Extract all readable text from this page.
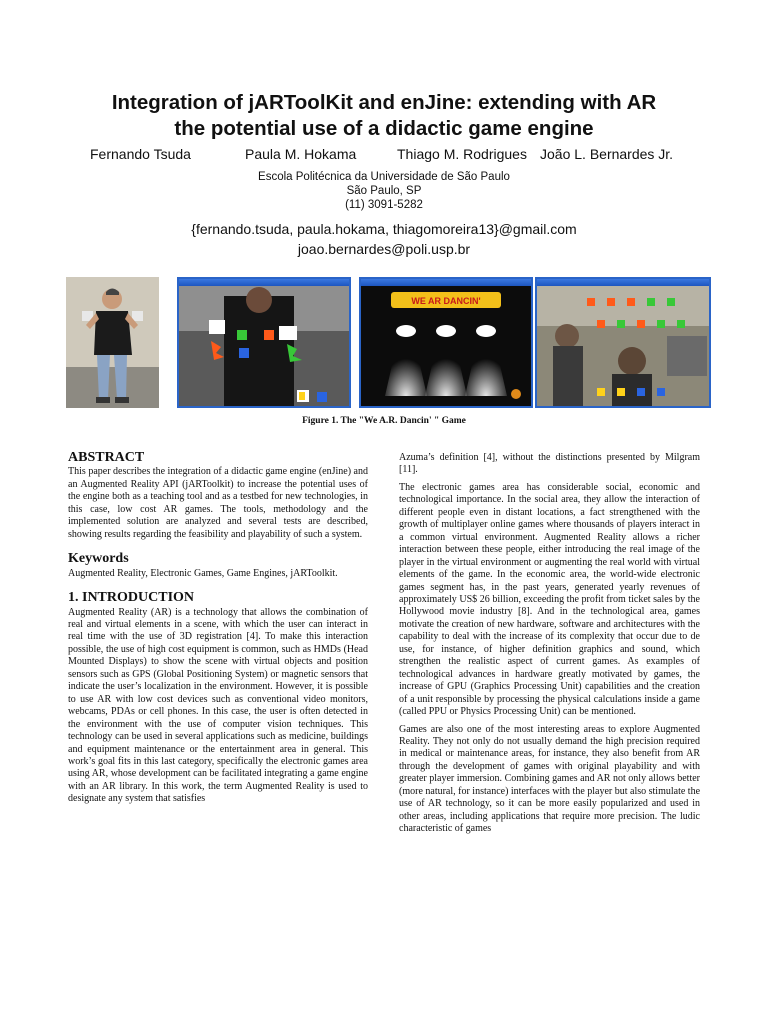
Integration of jARToolKit and enJine: extending with AR
the potential use of a didactic game engine
Fernando Tsuda	Paula M. Hokama	Thiago M. Rodrigues João L. Bernardes Jr.
Escola Politécnica da Universidade de São Paulo
São Paulo, SP
(11) 3091-5282
{fernando.tsuda, paula.hokama, thiagomoreira13}@gmail.com
joao.bernardes@poli.usp.br
WE AR DANCIN'
Figure 1. The "We A.R. Dancin' " Game
ABSTRACT

This paper describes the integration of a didactic game engine (enJine) and an Augmented Reality API (jARToolkit) to increase the potential uses of the engine both as a teaching tool and as a testbed for new technologies, in this case, low cost AR games. The tools, methodology and the implemented solution are analyzed and several tests are described, showing results regarding the feasibility and playability of such a system.

Keywords

Augmented Reality, Electronic Games, Game Engines, jARToolkit.

1. INTRODUCTION

Augmented Reality (AR) is a technology that allows the combination of real and virtual elements in a scene, with which the user can interact in real time with the use of 3D registration [4]. To make this interaction possible, the use of high cost equipment is common, such as HMDs (Head Mounted Displays) to show the scene with virtual objects and position sensors such as GPS (Global Positioning System) or magnetic sensors that indicate the user’s localization in the environment. However, it is possible to use AR with low cost devices such as conventional video monitors, webcams, PDAs or cell phones. In this case, the user is often detected in the environment with the use of computer vision techniques. This technology can be used in several applications such as medicine, buildings and equipment maintenance or the entertainment area in general. This work’s goal fits in this last category, specifically the electronic games area using AR, whose development can be facilitated integrating a game engine with an AR library. In this work, the term Augmented Reality is used to designate any system that satisfies

Azuma’s definition [4], without the distinctions presented by Milgram [11].

The electronic games area has considerable social, economic and technological importance. In the social area, they allow the interaction of different people even in distant locations, a fact strengthened with the growth of multiplayer online games where thousands of players interact in a common virtual environment. Augmented Reality allows a richer interaction between these people, either introducing the real image of the player in the virtual environment or augmenting the real world with virtual elements of the game. In the economic area, the world-wide electronic games segment has, in the past years, generated yearly revenues of approximately US$ 26 billion, exceeding the profit from ticket sales by the Hollywood movie industry [8]. And in the technological area, games motivate the creation of new hardware, software and architectures with the capability to deal with the increase of its complexity that occur due to de use, for instance, of higher definition graphics and sound, which strengthen the realistic aspect of current games. As examples of technological advances in hardware greatly motivated by games, the increase of GPU (Graphics Processing Unit) capabilities and the creation of a unit responsible by processing the physical calculations inside a game (called PPU or Physics Processing Unit) can be mentioned.

Games are also one of the most interesting areas to explore Augmented Reality. They not only do not usually demand the high precision required in medical or maintenance areas, for instance, they also benefit from AR through the development of games with original playability and with greater player immersion. Combining games and AR not only allows better (more natural, for instance) interfaces with the player but also stimulate the use of AR technology, so it can be more easily popularized and used in other areas, including applications that require more precision. The ludic characteristic of games
